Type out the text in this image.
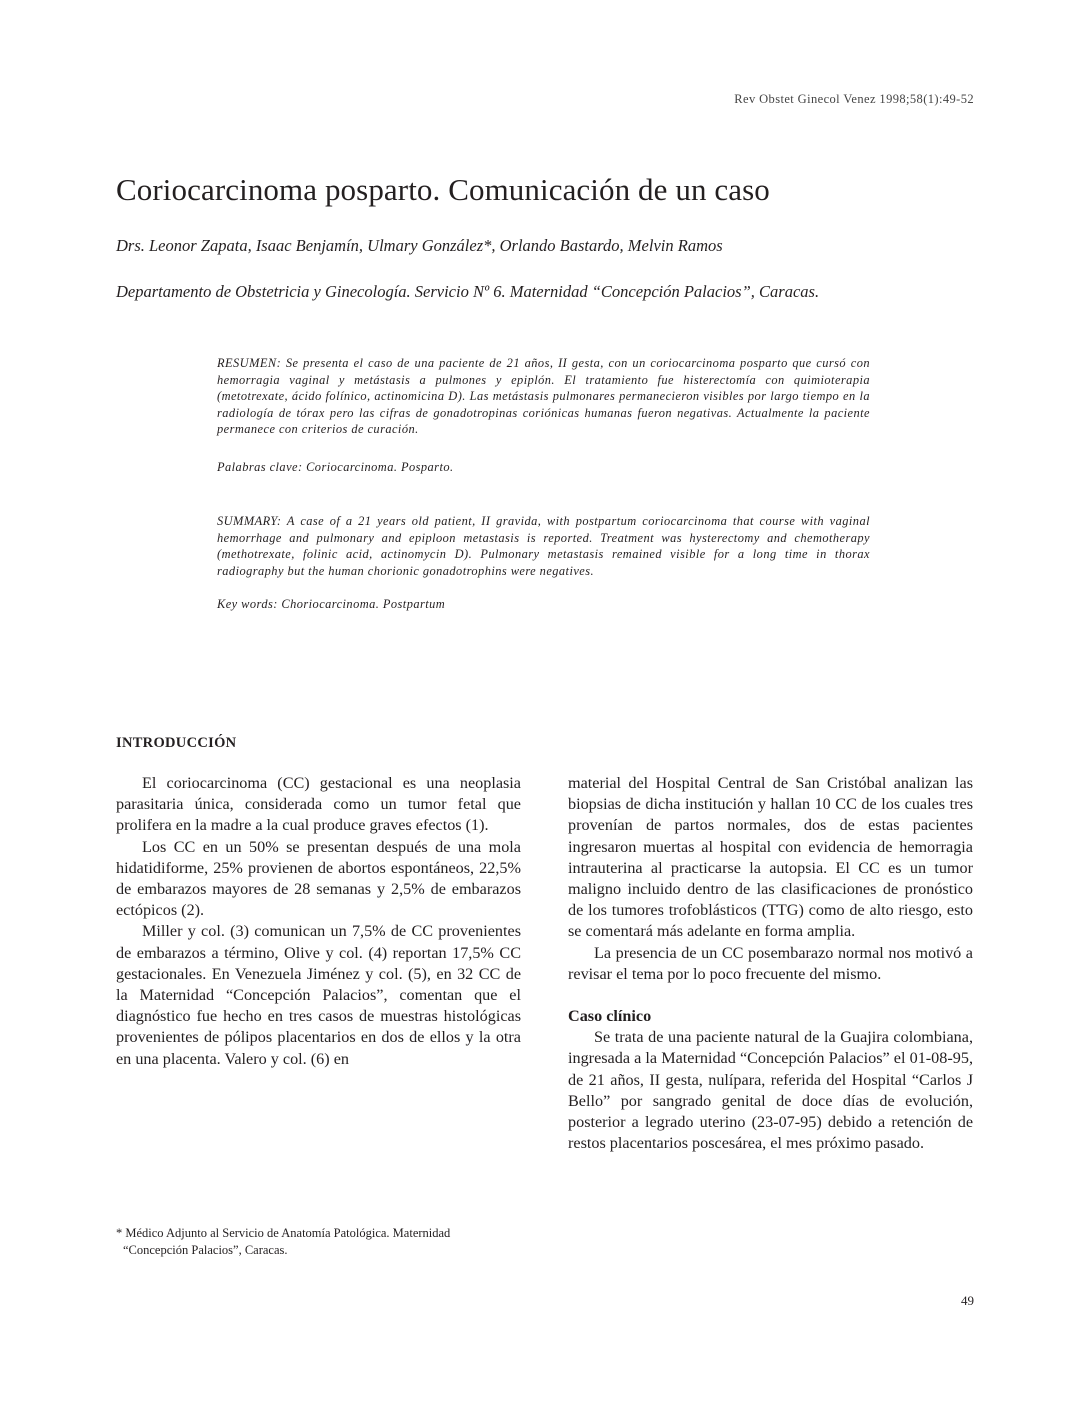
Rev Obstet Ginecol Venez 1998;58(1):49-52
Coriocarcinoma posparto. Comunicación de un caso
Drs. Leonor Zapata, Isaac Benjamín, Ulmary González*, Orlando Bastardo, Melvin Ramos
Departamento de Obstetricia y Ginecología. Servicio Nº 6. Maternidad “Concepción Palacios”, Caracas.
RESUMEN: Se presenta el caso de una paciente de 21 años, II gesta, con un coriocarcinoma posparto que cursó con hemorragia vaginal y metástasis a pulmones y epiplón. El tratamiento fue histerectomía con quimioterapia (metotrexate, ácido folínico, actinomicina D). Las metástasis pulmonares permanecieron visibles por largo tiempo en la radiología de tórax pero las cifras de gonadotropinas coriónicas humanas fueron negativas. Actualmente la paciente permanece con criterios de curación.
Palabras clave: Coriocarcinoma. Posparto.
SUMMARY: A case of a 21 years old patient, II gravida, with postpartum coriocarcinoma that course with vaginal hemorrhage and pulmonary and epiploon metastasis is reported. Treatment was hysterectomy and chemotherapy (methotrexate, folinic acid, actinomycin D). Pulmonary metastasis remained visible for a long time in thorax radiography but the human chorionic gonadotrophins were negatives.
Key words: Choriocarcinoma. Postpartum
INTRODUCCIÓN

El coriocarcinoma (CC) gestacional es una neoplasia parasitaria única, considerada como un tumor fetal que prolifera en la madre a la cual produce graves efectos (1).

Los CC en un 50% se presentan después de una mola hidatidiforme, 25% provienen de abortos espontáneos, 22,5% de embarazos mayores de 28 semanas y 2,5% de embarazos ectópicos (2).

Miller y col. (3) comunican un 7,5% de CC provenientes de embarazos a término, Olive y col. (4) reportan 17,5% CC gestacionales. En Venezuela Jiménez y col. (5), en 32 CC de la Maternidad “Concepción Palacios”, comentan que el diagnóstico fue hecho en tres casos de muestras histológicas provenientes de pólipos placentarios en dos de ellos y la otra en una placenta. Valero y col. (6) en

material del Hospital Central de San Cristóbal analizan las biopsias de dicha institución y hallan 10 CC de los cuales tres provenían de partos normales, dos de estas pacientes ingresaron muertas al hospital con evidencia de hemorragia intrauterina al practicarse la autopsia. El CC es un tumor maligno incluido dentro de las clasificaciones de pronóstico de los tumores trofoblásticos (TTG) como de alto riesgo, esto se comentará más adelante en forma amplia.

La presencia de un CC posembarazo normal nos motivó a revisar el tema por lo poco frecuente del mismo.

Caso clínico

Se trata de una paciente natural de la Guajira colombiana, ingresada a la Maternidad “Concepción Palacios” el 01-08-95, de 21 años, II gesta, nulípara, referida del Hospital “Carlos J Bello” por sangrado genital de doce días de evolución, posterior a legrado uterino (23-07-95) debido a retención de restos placentarios poscesárea, el mes próximo pasado.

* Médico Adjunto al Servicio de Anatomía Patológica. Maternidad
“Concepción Palacios”, Caracas.
49
